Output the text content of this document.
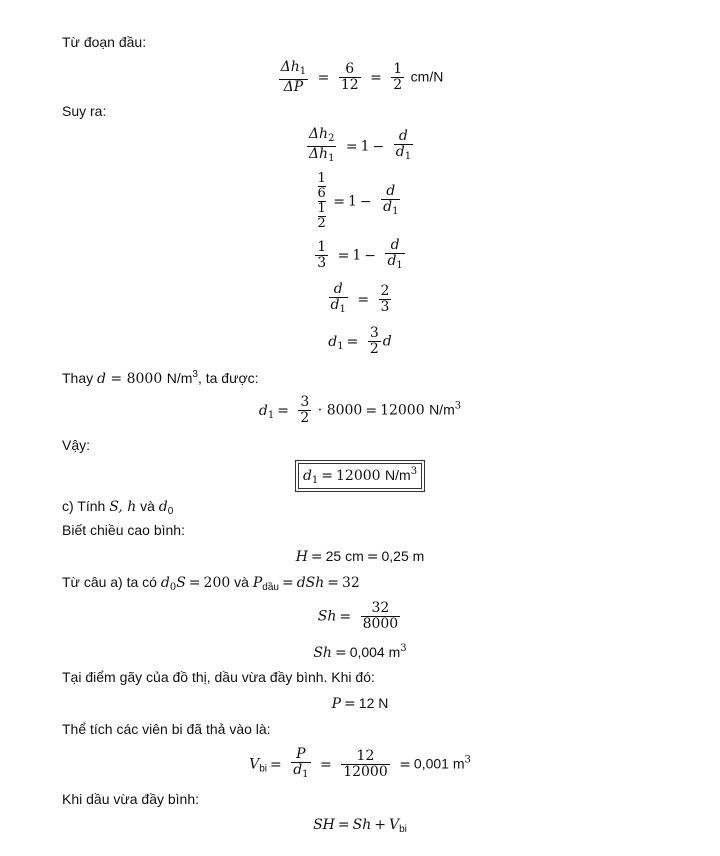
Từ đoạn đầu:
$\frac{\Delta h_1}{\Delta P} = \frac{6}{12} = \frac{1}{2} cm/N$
Suy ra:
$\frac{\Delta h_2}{\Delta h_1} = 1 - \frac{d}{d_1}$
1
6
1
2
= $1 - \frac{d}{d_1}$
$\frac{1}{3} = 1 - \frac{d}{d_1}$
$\frac{d}{d_1} = \frac{2}{3}$
$d_1 = \frac{3}{2}$ d
Thay d = 8000 $N/m^3$, ta được:
$d_1 = \frac{3}{2} \cdot 8000 = 12000$ $N/m^3$
Vậy:
$d_1 = 12000$ $N/m^3$
c) Tính S, h và $d_0$
Biết chiều cao bình:
H = 25 cm = 0,25 m
Từ câu a) ta có $d_0S = 200$ và $P_{dầu}$ = dSh = 32
$Sh = \frac{32}{8000}$
Sh = 0,004 $m^3$
Tại điểm gãy của đồ thị, dầu vừa đầy bình. Khi đó:
P = 12 N
Thể tích các viên bi đã thả vào là:
$V_{bi} = \frac{P}{d_1} = \frac{12}{12000} = 0,001$ $m^3$
Khi dầu vừa đầy bình:
SH = $Sh + V_{bi}$
